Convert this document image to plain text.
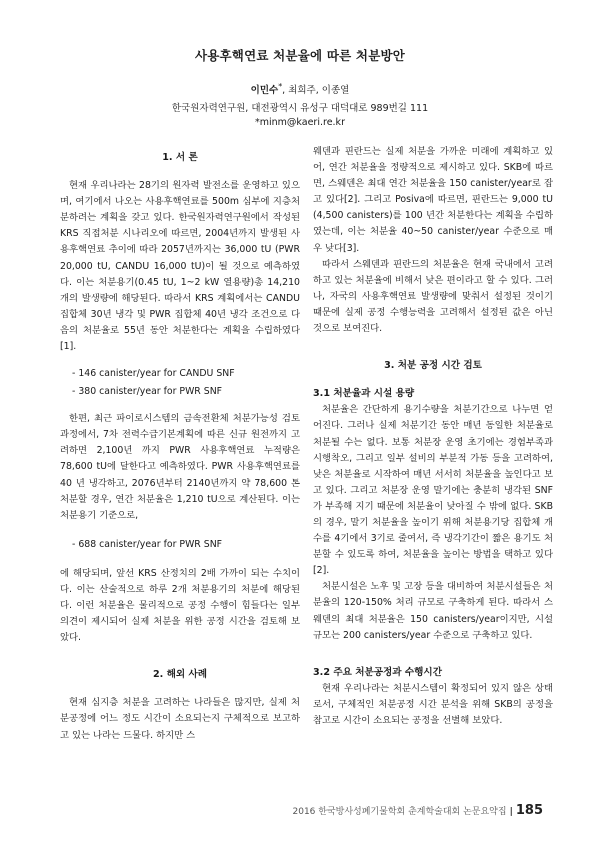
사용후핵연료 처분율에 따른 처분방안
이민수*, 최희주, 이종열
한국원자력연구원, 대전광역시 유성구 대덕대로 989번길 111
*minm@kaeri.re.kr
1. 서 론

현재 우리나라는 28기의 원자력 발전소를 운영하고 있으며, 여기에서 나오는 사용후핵연료를 500m 심부에 지층처분하려는 계획을 갖고 있다. 한국원자력연구원에서 작성된 KRS 직접처분 시나리오에 따르면, 2004년까지 발생된 사용후핵연료 추이에 따라 2057년까지는 36,000 tU (PWR 20,000 tU, CANDU 16,000 tU)이 될 것으로 예측하였다. 이는 처분용기(0.45 tU, 1~2 kW 열용량)총 14,210 개의 발생량에 해당된다. 따라서 KRS 계획에서는 CANDU 집합체 30년 냉각 및 PWR 집합체 40년 냉각 조건으로 다음의 처분율로 55년 동안 처분한다는 계획을 수립하였다[1].

- 146 canister/year for CANDU SNF
- 380 canister/year for PWR SNF

한편, 최근 파이로시스템의 금속전환체 처분가능성 검토과정에서, 7차 전력수급기본계획에 따른 신규 원전까지 고려하면 2,100년 까지 PWR 사용후핵연료 누적량은 78,600 tU에 달한다고 예측하였다. PWR 사용후핵연료를 40 년 냉각하고, 2076년부터 2140년까지 약 78,600 톤 처분할 경우, 연간 처분율은 1,210 tU으로 계산된다. 이는 처분용기 기준으로,

- 688 canister/year for PWR SNF

에 해당되며, 앞선 KRS 산정치의 2배 가까이 되는 수치이다. 이는 산술적으로 하루 2개 처분용기의 처분에 해당된다. 이런 처분율은 물리적으로 공정 수행이 힘들다는 일부 의견이 제시되어 실제 처분을 위한 공정 시간을 검토해 보았다.

2. 해외 사례

현재 심지층 처분을 고려하는 나라들은 많지만, 실제 처분공정에 어느 정도 시간이 소요되는지 구체적으로 보고하고 있는 나라는 드물다. 하지만 스

웨덴과 핀란드는 실제 처분을 가까운 미래에 계획하고 있어, 연간 처분율을 정량적으로 제시하고 있다. SKB에 따르면, 스웨덴은 최대 연간 처분율을 150 canister/year로 잡고 있다[2]. 그리고 Posiva에 따르면, 핀란드는 9,000 tU (4,500 canisters)를 100 년간 처분한다는 계획을 수립하였는데, 이는 처분율 40~50 canister/year 수준으로 매우 낮다[3].

따라서 스웨덴과 핀란드의 처분율은 현재 국내에서 고려하고 있는 처분율에 비해서 낮은 편이라고 할 수 있다. 그러나, 자국의 사용후핵연료 발생량에 맞춰서 설정된 것이기 때문에 실제 공정 수행능력을 고려해서 설정된 값은 아닌 것으로 보여진다.

3. 처분 공정 시간 검토
3.1 처분율과 시설 용량

처분율은 간단하게 용기수량을 처분기간으로 나누면 얻어진다. 그러나 실제 처분기간 동안 매년 동일한 처분율로 처분될 수는 없다. 보통 처분장 운영 초기에는 경험부족과 시행착오, 그리고 일부 설비의 부분적 가동 등을 고려하여, 낮은 처분율로 시작하여 매년 서서히 처분율을 높인다고 보고 있다. 그리고 처분장 운영 말기에는 충분히 냉각된 SNF가 부족해 지기 때문에 처분율이 낮아질 수 밖에 없다. SKB의 경우, 말기 처분율을 높이기 위해 처분용기당 집합체 개수를 4기에서 3기로 줄여서, 즉 냉각기간이 짧은 용기도 처분할 수 있도록 하여, 처분율을 높이는 방법을 택하고 있다[2].

처분시설은 노후 및 고장 등을 대비하여 처분시설들은 처분율의 120-150% 처리 규모로 구축하게 된다. 따라서 스웨덴의 최대 처분율은 150 canisters/year이지만, 시설 규모는 200 canisters/year 수준으로 구축하고 있다.

3.2 주요 처분공정과 수행시간

현재 우리나라는 처분시스템이 확정되어 있지 않은 상태로서, 구체적인 처분공정 시간 분석을 위해 SKB의 공정을 참고로 시간이 소요되는 공정을 선별해 보았다.

2016 한국방사성폐기물학회 춘계학술대회 논문요약집 | 185
